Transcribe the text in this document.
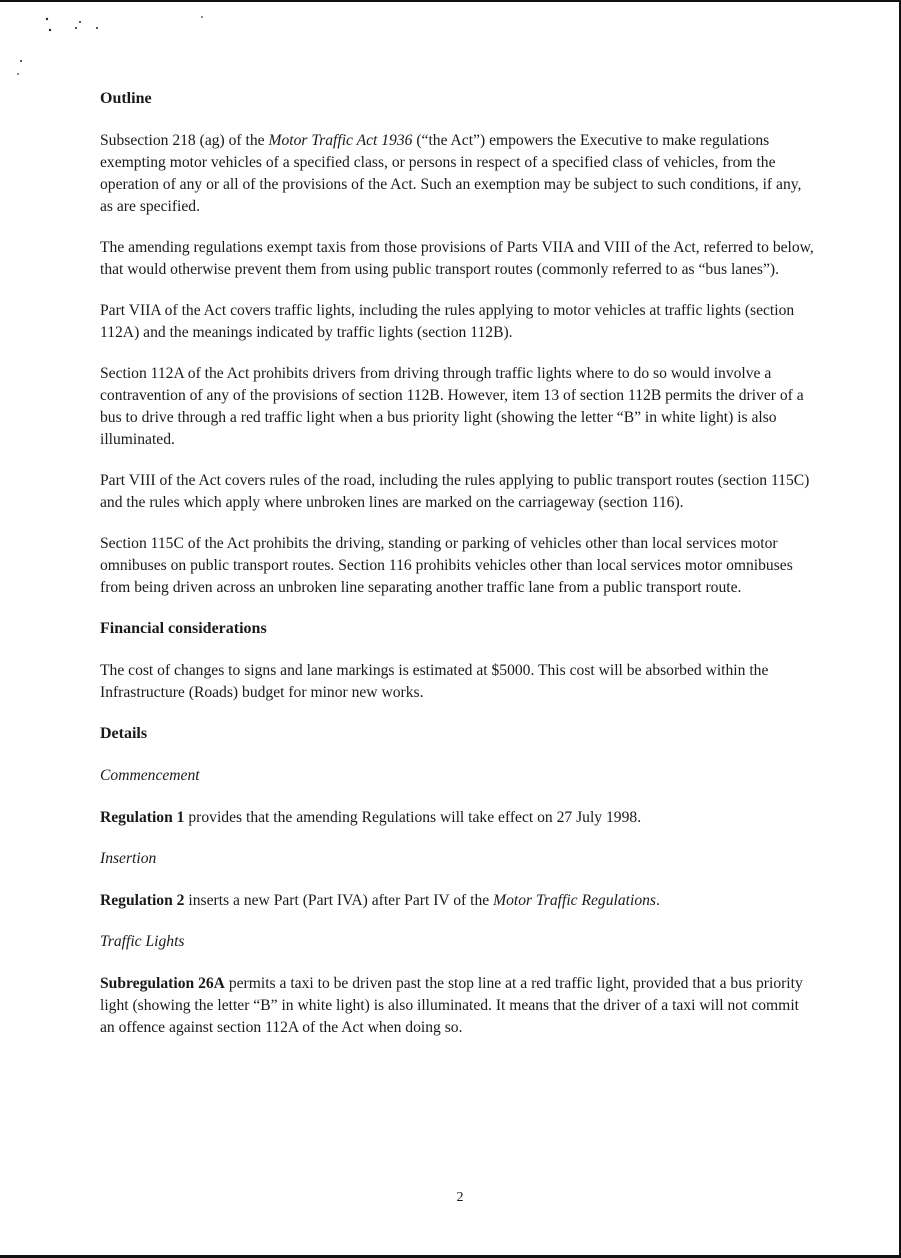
Outline

Subsection 218 (ag) of the Motor Traffic Act 1936 (“the Act”) empowers the Executive to make regulations exempting motor vehicles of a specified class, or persons in respect of a specified class of vehicles, from the operation of any or all of the provisions of the Act. Such an exemption may be subject to such conditions, if any, as are specified.

The amending regulations exempt taxis from those provisions of Parts VIIA and VIII of the Act, referred to below, that would otherwise prevent them from using public transport routes (commonly referred to as “bus lanes”).

Part VIIA of the Act covers traffic lights, including the rules applying to motor vehicles at traffic lights (section 112A) and the meanings indicated by traffic lights (section 112B).

Section 112A of the Act prohibits drivers from driving through traffic lights where to do so would involve a contravention of any of the provisions of section 112B. However, item 13 of section 112B permits the driver of a bus to drive through a red traffic light when a bus priority light (showing the letter “B” in white light) is also illuminated.

Part VIII of the Act covers rules of the road, including the rules applying to public transport routes (section 115C) and the rules which apply where unbroken lines are marked on the carriageway (section 116).

Section 115C of the Act prohibits the driving, standing or parking of vehicles other than local services motor omnibuses on public transport routes. Section 116 prohibits vehicles other than local services motor omnibuses from being driven across an unbroken line separating another traffic lane from a public transport route.

Financial considerations

The cost of changes to signs and lane markings is estimated at $5000. This cost will be absorbed within the Infrastructure (Roads) budget for minor new works.

Details
Commencement

Regulation 1 provides that the amending Regulations will take effect on 27 July 1998.

Insertion

Regulation 2 inserts a new Part (Part IVA) after Part IV of the Motor Traffic Regulations.

Traffic Lights

Subregulation 26A permits a taxi to be driven past the stop line at a red traffic light, provided that a bus priority light (showing the letter “B” in white light) is also illuminated. It means that the driver of a taxi will not commit an offence against section 112A of the Act when doing so.

2
